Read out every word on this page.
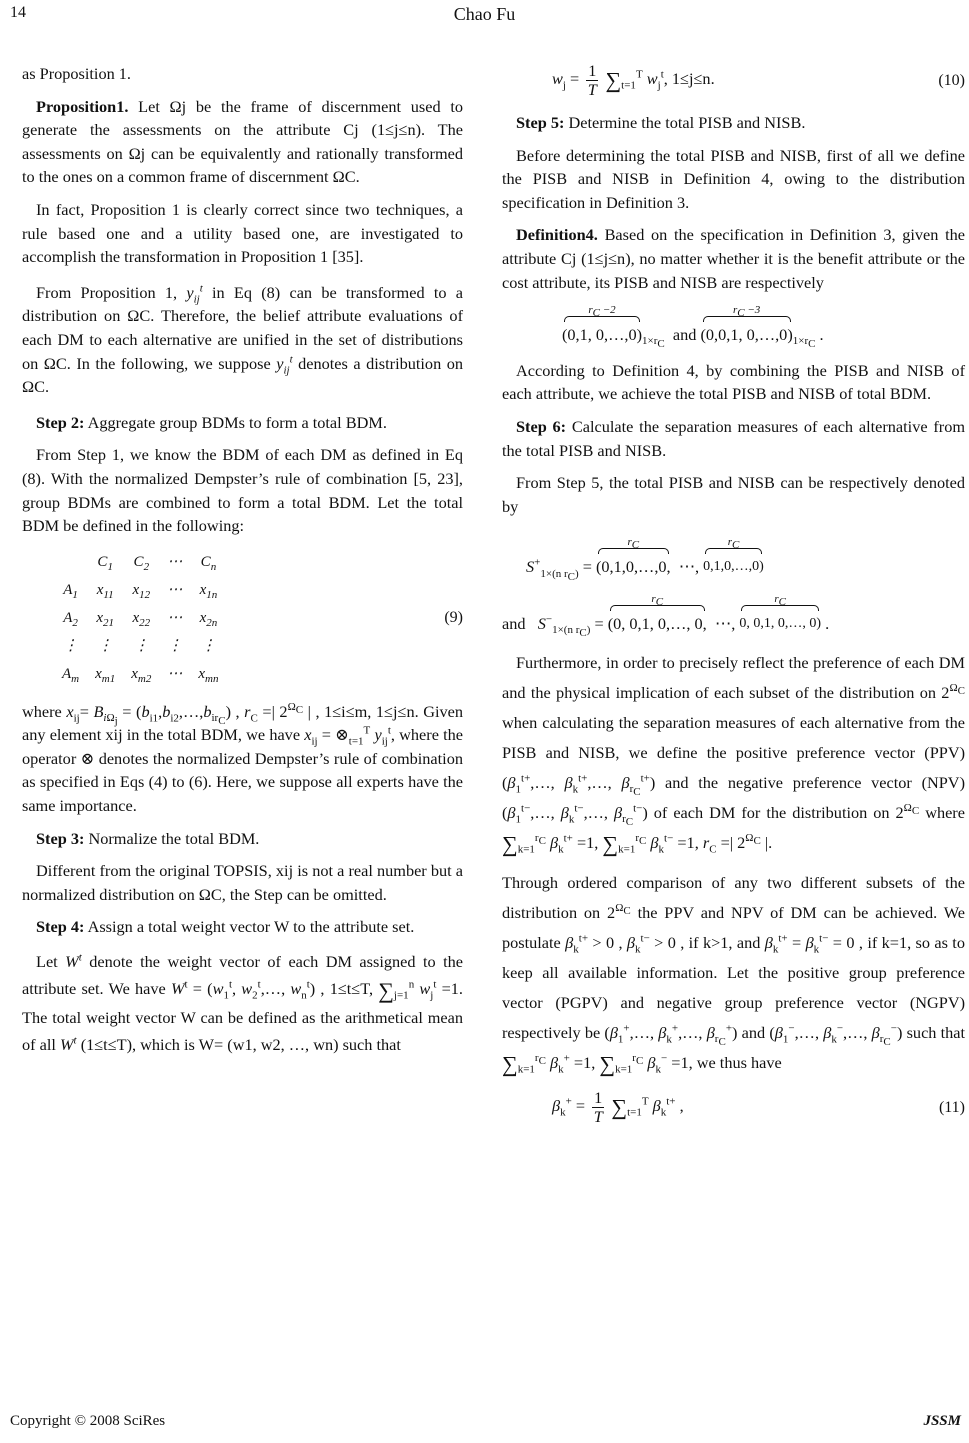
14	Chao Fu

as Proposition 1.

Proposition1. Let Ωj be the frame of discernment used to generate the assessments on the attribute Cj (1≤j≤n). The assessments on Ωj can be equivalently and rationally transformed to the ones on a common frame of discernment ΩC.

In fact, Proposition 1 is clearly correct since two techniques, a rule based one and a utility based one, are investigated to accomplish the transformation in Proposition 1 [35].

From Proposition 1, $y_{ij}^t$ in Eq (8) can be transformed to a distribution on ΩC. Therefore, the belief attribute evaluations of each DM to each alternative are unified in the set of distributions on ΩC. In the following, we suppose $y_{ij}^t$ denotes a distribution on ΩC.

Step 2: Aggregate group BDMs to form a total BDM.

From Step 1, we know the BDM of each DM as defined in Eq (8). With the normalized Dempster’s rule of combination [5, 23], group BDMs are combined to form a total BDM. Let the total BDM be defined in the following:

	$C_1$	$C_2$	⋯	$C_n$
$A_1$	$x_{11}$	$x_{12}$	⋯	$x_{1n}$
$A_2$	$x_{21}$	$x_{22}$	⋯	$x_{2n}$
⋮	⋮	⋮	⋮	⋮
$A_m$	$x_{m1}$	$x_{m2}$	⋯	$x_{mn}$
(9)

where $x_{ij}= B_{i\Omega_j}$ = $(b_{i1},b_{i2},\dots,b_{ir_C})$ , $r_C$ =| $2^{\Omega_C}$ | , 1≤i≤m, 1≤j≤n. Given any element xij in the total BDM, we have $x_{ij}$ = $\otimes_{t=1}^T$ $y_{ij}^t$, where the operator ⊗ denotes the normalized Dempster’s rule of combination as specified in Eqs (4) to (6). Here, we suppose all experts have the same importance.

Step 3: Normalize the total BDM.

Different from the original TOPSIS, xij is not a real number but a normalized distribution on ΩC, the Step can be omitted.

Step 4: Assign a total weight vector W to the attribute set.

Let $W^t$ denote the weight vector of each DM assigned to the attribute set. We have $W^t = (w_1^t$, $w_2^t,\dots$, $w_n^t$) , 1≤t≤T, $\sum_{j=1}^n$ $w_j^t =1$. The total weight vector W can be defined as the arithmetical mean of all $W^t$ (1≤t≤T), which is W= (w1, w2, …, wn) such that

$w_j = \frac{1}{T} \sum_{t=1}^T$ $w_j^t$, 1≤j≤n.	(10)

Step 5: Determine the total PISB and NISB.

Before determining the total PISB and NISB, first of all we define the PISB and NISB in Definition 4, owing to the distribution specification in Definition 3.

Definition4. Based on the specification in Definition 3, given the attribute Cj (1≤j≤n), no matter whether it is the benefit attribute or the cost attribute, its PISB and NISB are respectively

$r_C -2$
(0,1, 0,…,0) $_{1\times r_C}$  and
$r_C -3$
(0,0,1, 0,…,0) $_{1\times r_C}$ .

According to Definition 4, by combining the PISB and NISB of each attribute, we achieve the total PISB and NISB of total BDM.

Step 6: Calculate the separation measures of each alternative from the total PISB and NISB.

From Step 5, the total PISB and NISB can be respectively denoted by

$S^+_{1\times(n r_C)}$ =
$r_C$
(0,1,0,…,0, ⋯,
$r_C$
0,1,0,…,0)
and $S^-_{1\times(n r_C)}$ =
$r_C$
(0, 0,1, 0,…, 0, ⋯,
$r_C$
0, 0,1, 0,…, 0) .

Furthermore, in order to precisely reflect the preference of each DM and the physical implication of each subset of the distribution on $2^{\Omega_C}$ when calculating the separation measures of each alternative from the PISB and NISB, we define the positive preference vector (PPV) ($\beta_1^{t+},\dots$, $\beta_k^{t+},\dots$, $\beta_{r_C}^{t+}$) and the negative preference vector (NPV) ($\beta_1^{t-},\dots$, $\beta_k^{t-},\dots$, $\beta_{r_C}^{t-}$) of each DM for the distribution on $2^{\Omega_C}$ where $\sum_{k=1}^{r_C}$ $\beta_k^{t+} =1$, $\sum_{k=1}^{r_C}$ $\beta_k^{t-} =1$, $r_C$ =| $2^{\Omega_C}$ |.

Through ordered comparison of any two different subsets of the distribution on $2^{\Omega_C}$ the PPV and NPV of DM can be achieved. We postulate $\beta_k^{t+} > 0$ , $\beta_k^{t-} > 0$ , if k>1, and $\beta_k^{t+} = \beta_k^{t-} = 0$ , if k=1, so as to keep all available information. Let the positive group preference vector (PGPV) and negative group preference vector (NGPV) respectively be ($\beta_1^+,\dots$, $\beta_k^+,\dots$, $\beta_{r_C}^+$) and ($\beta_1^-,\dots$, $\beta_k^-,\dots$, $\beta_{r_C}^-$) such that $\sum_{k=1}^{r_C}$ $\beta_k^+ =1$, $\sum_{k=1}^{r_C}$ $\beta_k^- =1$, we thus have

$\beta_k^+ = \frac{1}{T} \sum_{t=1}^T$ $\beta_k^{t+}$ ,	(11)
Copyright © 2008 SciRes	JSSM
